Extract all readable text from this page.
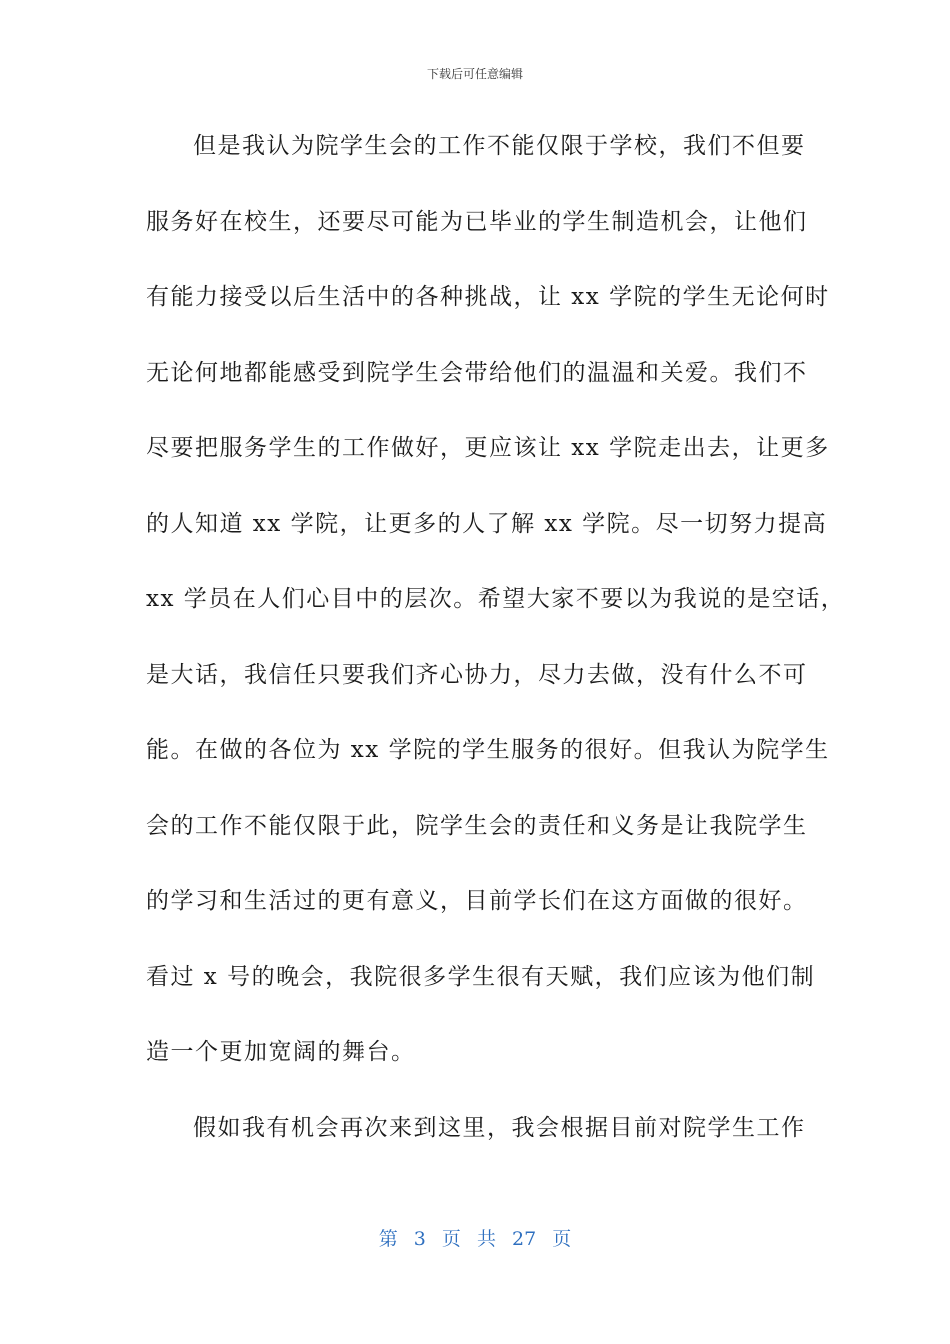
下载后可任意编辑
但是我认为院学生会的工作不能仅限于学校，我们不但要
服务好在校生，还要尽可能为已毕业的学生制造机会，让他们
有能力接受以后生活中的各种挑战，让 xx 学院的学生无论何时
无论何地都能感受到院学生会带给他们的温温和关爱。我们不
尽要把服务学生的工作做好，更应该让 xx 学院走出去，让更多
的人知道 xx 学院，让更多的人了解 xx 学院。尽一切努力提高
xx 学员在人们心目中的层次。希望大家不要以为我说的是空话，
是大话，我信任只要我们齐心协力，尽力去做，没有什么不可
能。在做的各位为 xx 学院的学生服务的很好。但我认为院学生
会的工作不能仅限于此，院学生会的责任和义务是让我院学生
的学习和生活过的更有意义，目前学长们在这方面做的很好。
看过 x 号的晚会，我院很多学生很有天赋，我们应该为他们制
造一个更加宽阔的舞台。
假如我有机会再次来到这里，我会根据目前对院学生工作
第 3 页 共 27 页
